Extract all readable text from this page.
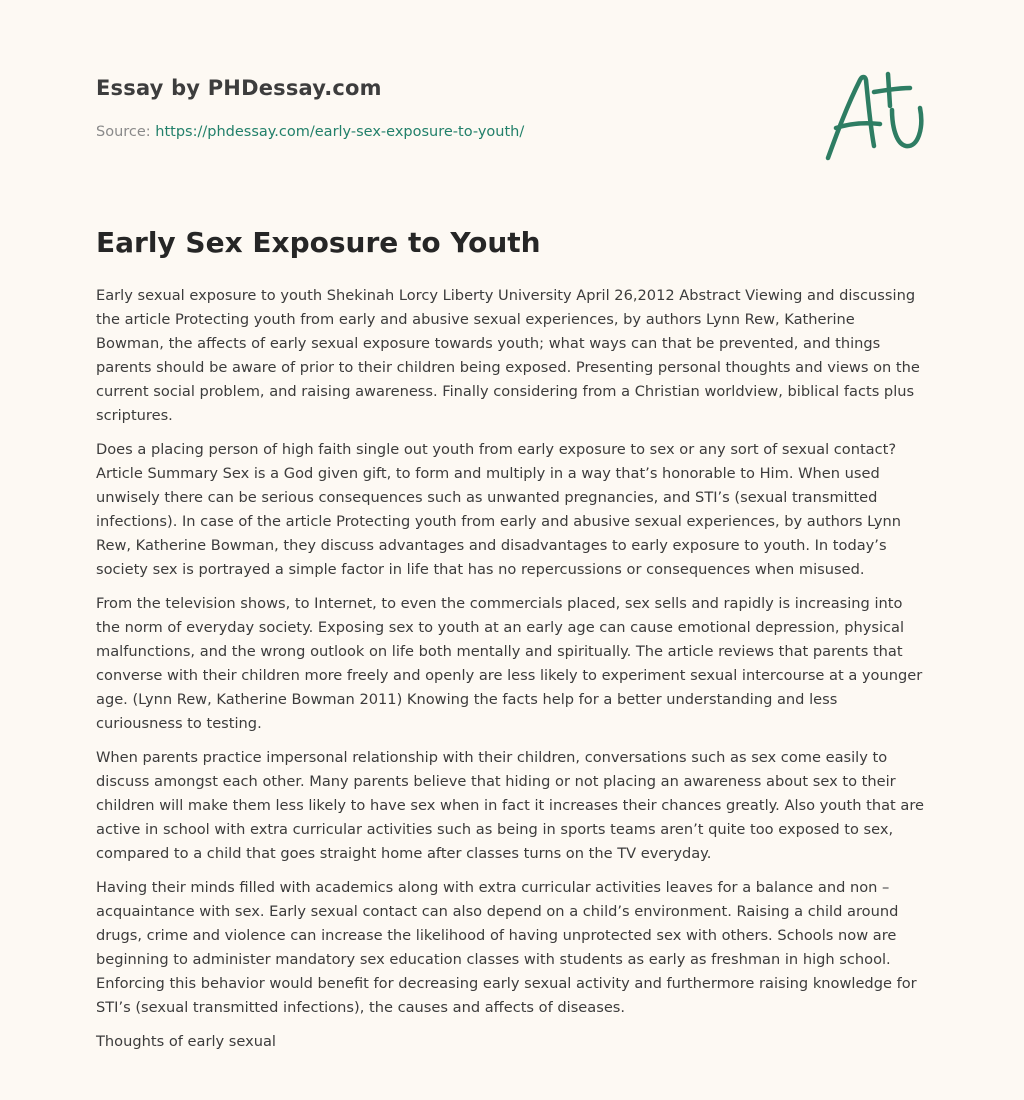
Essay by PHDessay.com
Source: https://phdessay.com/early-sex-exposure-to-youth/
Early Sex Exposure to Youth

Early sexual exposure to youth Shekinah Lorcy Liberty University April 26,2012 Abstract Viewing and discussing the article Protecting youth from early and abusive sexual experiences, by authors Lynn Rew, Katherine Bowman, the affects of early sexual exposure towards youth; what ways can that be prevented, and things parents should be aware of prior to their children being exposed. Presenting personal thoughts and views on the current social problem, and raising awareness. Finally considering from a Christian worldview, biblical facts plus scriptures.

Does a placing person of high faith single out youth from early exposure to sex or any sort of sexual contact? Article Summary Sex is a God given gift, to form and multiply in a way that’s honorable to Him. When used unwisely there can be serious consequences such as unwanted pregnancies, and STI’s (sexual transmitted infections). In case of the article Protecting youth from early and abusive sexual experiences, by authors Lynn Rew, Katherine Bowman, they discuss advantages and disadvantages to early exposure to youth. In today’s society sex is portrayed a simple factor in life that has no repercussions or consequences when misused.

From the television shows, to Internet, to even the commercials placed, sex sells and rapidly is increasing into the norm of everyday society. Exposing sex to youth at an early age can cause emotional depression, physical malfunctions, and the wrong outlook on life both mentally and spiritually. The article reviews that parents that converse with their children more freely and openly are less likely to experiment sexual intercourse at a younger age. (Lynn Rew, Katherine Bowman 2011) Knowing the facts help for a better understanding and less curiousness to testing.

When parents practice impersonal relationship with their children, conversations such as sex come easily to discuss amongst each other. Many parents believe that hiding or not placing an awareness about sex to their children will make them less likely to have sex when in fact it increases their chances greatly. Also youth that are active in school with extra curricular activities such as being in sports teams aren’t quite too exposed to sex, compared to a child that goes straight home after classes turns on the TV everyday.

Having their minds filled with academics along with extra curricular activities leaves for a balance and non – acquaintance with sex. Early sexual contact can also depend on a child’s environment. Raising a child around drugs, crime and violence can increase the likelihood of having unprotected sex with others. Schools now are beginning to administer mandatory sex education classes with students as early as freshman in high school. Enforcing this behavior would benefit for decreasing early sexual activity and furthermore raising knowledge for STI’s (sexual transmitted infections), the causes and affects of diseases.

Thoughts of early sexual
